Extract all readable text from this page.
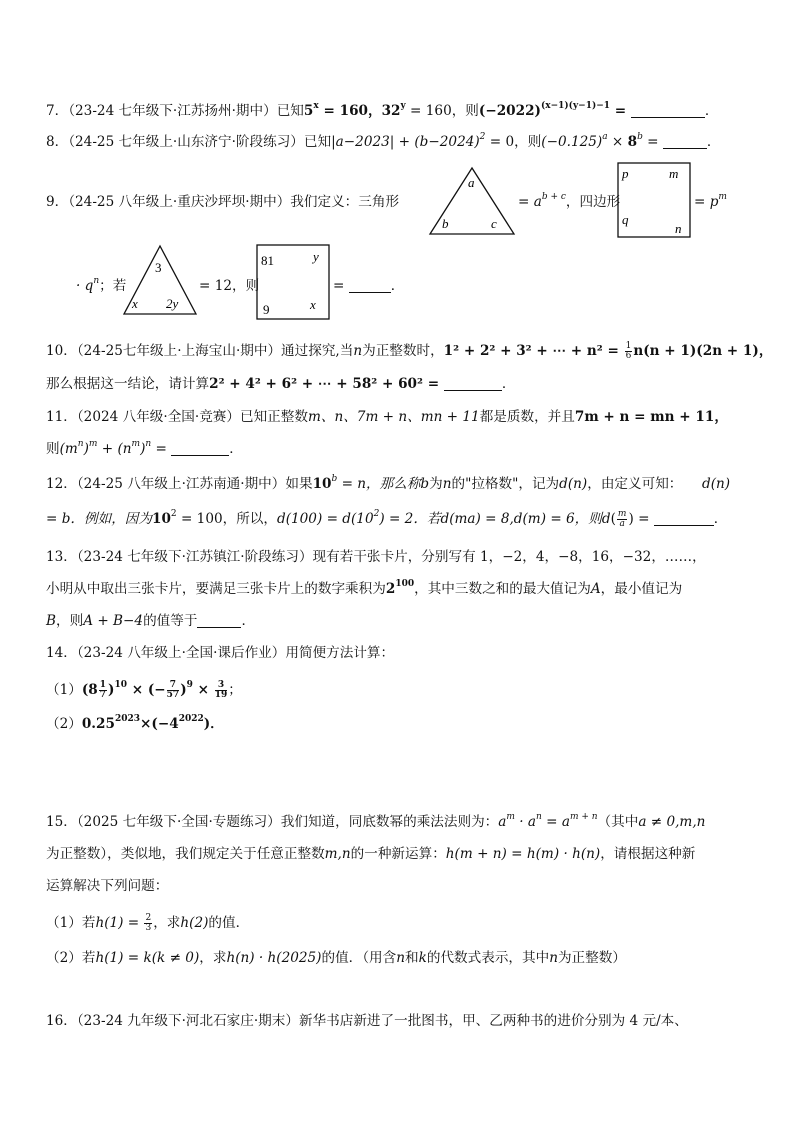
7．（23-24 七年级下·江苏扬州·期中）已知$5^x = 160$，$32^y = 160$，则$(-2022)^{(x-1)(y-1)-1}$ =	．
8．（24-25 七年级上·山东济宁·阶段练习）已知$|a-2023| + (b-2024)^2 = 0$，则$(-0.125)^a \times 8^b$ =	．
9．（24-25 八年级上·重庆沙坪坝·期中）我们定义：三角形
a
b	c
= $a^{b + c}$，四边形
p	m
q
n
= $p^m$
· $q^n$；若
3
x 2y
= 12，则
81	y
9	x
=	．
10．（24-25七年级上·上海宝山·期中）通过探究,当n为正整数时，1² + 2² + 3² + ⋯ + $n^2 = \frac{1}{6} n(n + 1)(2n + 1)$，
那么根据这一结论，请计算2² + 4² + 6² + ⋯ + 58² + 60² =	．
11．（2024 八年级·全国·竞赛）已知正整数m、n、7m + n、mn + 11都是质数，并且7m + n = mn + 11，
则$(m^n)^m + (n^m)^n$ =	．
12．（24-25 八年级上·江苏南通·期中）如果$10^b = n$，那么称b为n的"拉格数"，记为d(n)，由定义可知： d(n)
= b．例如，因为$10^2 = 100$，所以，$d(100) = d(10^2) = 2$．若d(ma) = 8,d(m) = 6，则$d( \frac{m}{a}$ ) =	．
13．（23-24 七年级下·江苏镇江·阶段练习）现有若干张卡片，分别写有 1，−2，4，−8，16，−32，……，
小明从中取出三张卡片，要满足三张卡片上的数字乘积为$2^{100}$，其中三数之和的最大值记为A，最小值记为
B，则A + B−4的值等于	．
14．（23-24 八年级上·全国·课后作业）用简便方法计算：
$(1)(8 \frac{1}{7} )^{10}$ × (− $\frac{7}{57} )^9 \times \frac{3}{19}$ ；
$(2)0.25^{2023}\times(-4^{2022})$．
15．（2025 七年级下·全国·专题练习）我们知道，同底数幂的乘法法则为：$a^m \cdot a^n = a^{m + n}$（其中a ≠ 0,m,n
为正整数），类似地，我们规定关于任意正整数m,n的一种新运算：h(m + n) = h(m) · h(n)，请根据这种新
运算解决下列问题：
（1）若$h(1) = \frac{2}{3}$ ，求h(2)的值．
（2）若h(1) = k(k ≠ 0)，求h(n) · h(2025)的值．（用含n和k的代数式表示，其中n为正整数）
16．（23-24 九年级下·河北石家庄·期末）新华书店新进了一批图书，甲、乙两种书的进价分别为 4 元/本、
